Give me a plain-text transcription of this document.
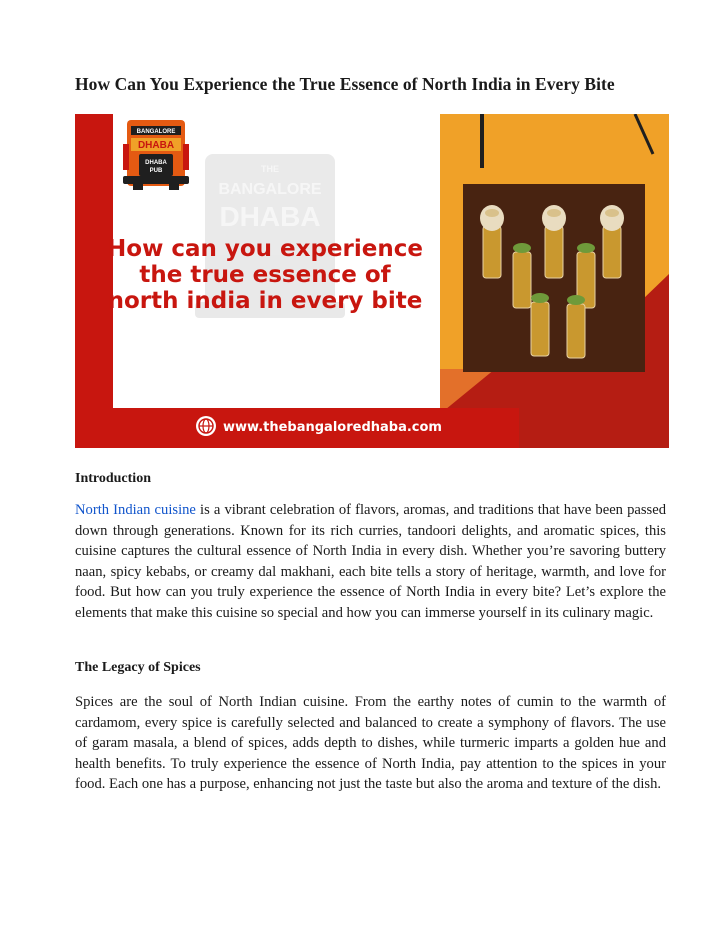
How Can You Experience the True Essence of North India in Every Bite
THE
BANGALORE
DHABA
BANGALORE
DHABA
DHABA
PUB
How can you experience
the true essence of
north india in every bite
www.thebangaloredhaba.com
Introduction

North Indian cuisine is a vibrant celebration of flavors, aromas, and traditions that have been passed down through generations. Known for its rich curries, tandoori delights, and aromatic spices, this cuisine captures the cultural essence of North India in every dish. Whether you’re savoring buttery naan, spicy kebabs, or creamy dal makhani, each bite tells a story of heritage, warmth, and love for food. But how can you truly experience the essence of North India in every bite? Let’s explore the elements that make this cuisine so special and how you can immerse yourself in its culinary magic.

The Legacy of Spices

Spices are the soul of North Indian cuisine. From the earthy notes of cumin to the warmth of cardamom, every spice is carefully selected and balanced to create a symphony of flavors. The use of garam masala, a blend of spices, adds depth to dishes, while turmeric imparts a golden hue and health benefits. To truly experience the essence of North India, pay attention to the spices in your food. Each one has a purpose, enhancing not just the taste but also the aroma and texture of the dish.
